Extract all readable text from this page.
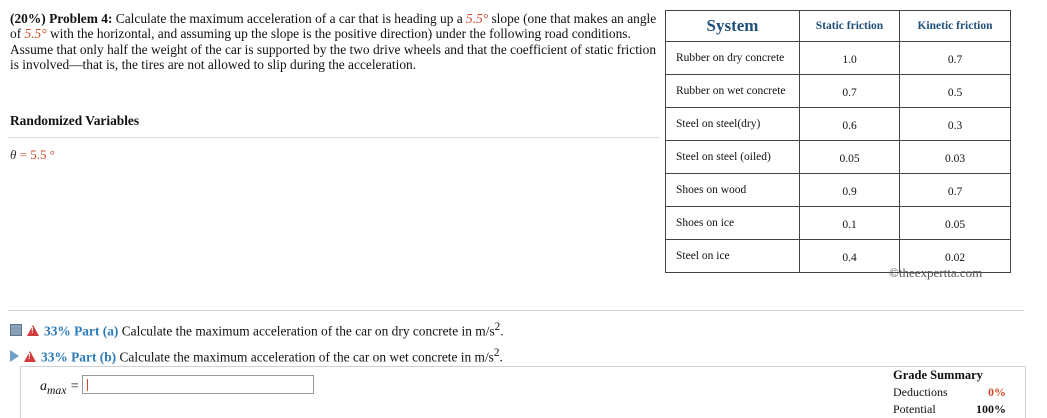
(20%) Problem 4: Calculate the maximum acceleration of a car that is heading up a 5.5° slope (one that makes an angle of 5.5° with the horizontal, and assuming up the slope is the positive direction) under the following road conditions. Assume that only half the weight of the car is supported by the two drive wheels and that the coefficient of static friction is involved—that is, the tires are not allowed to slip during the acceleration.
Randomized Variables
θ = 5.5 °
System	Static friction	Kinetic friction
Rubber on dry concrete	1.0	0.7
Rubber on wet concrete	0.7	0.5
Steel on steel(dry)	0.6	0.3
Steel on steel (oiled)	0.05	0.03
Shoes on wood	0.9	0.7
Shoes on ice	0.1	0.05
Steel on ice	0.4	0.02
©theexpertta.com
!33% Part (a) Calculate the maximum acceleration of the car on dry concrete in $m/s^2$.
!33% Part (b) Calculate the maximum acceleration of the car on wet concrete in $m/s^2$.
$a_{max}$ =
Grade Summary
Deductions	0%
Potential	100%
